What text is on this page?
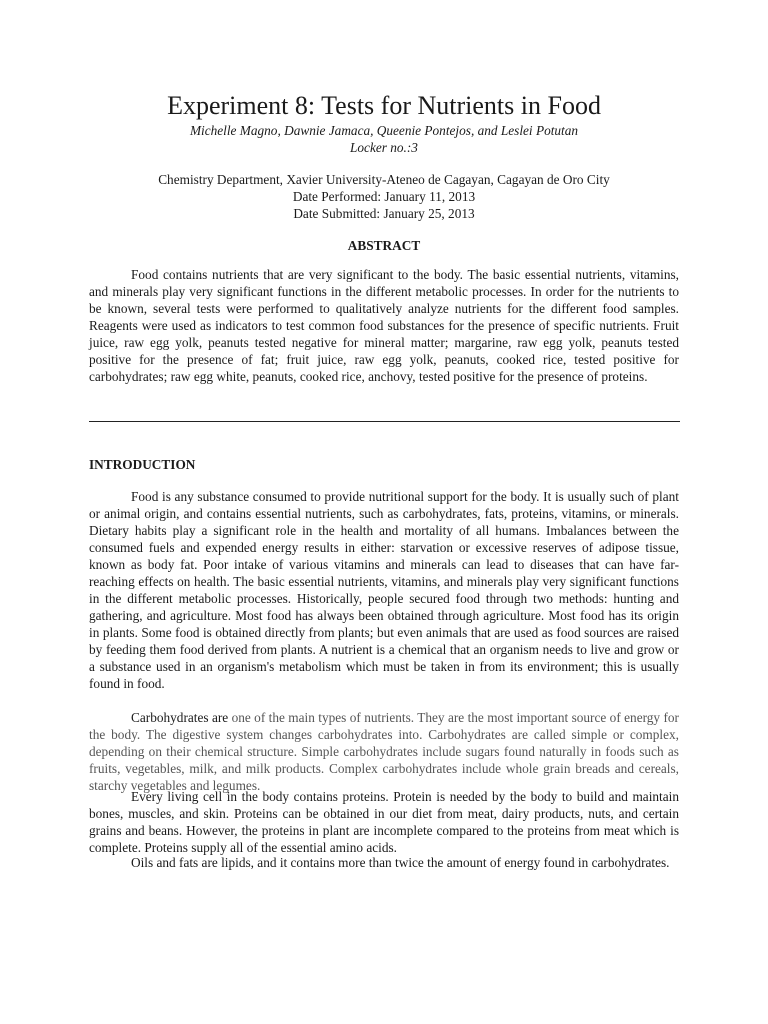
Experiment 8: Tests for Nutrients in Food

Michelle Magno, Dawnie Jamaca, Queenie Pontejos, and Leslei Potutan

Locker no.:3

Chemistry Department, Xavier University-Ateneo de Cagayan, Cagayan de Oro City

Date Performed: January 11, 2013

Date Submitted: January 25, 2013

ABSTRACT

Food contains nutrients that are very significant to the body. The basic essential nutrients, vitamins, and minerals play very significant functions in the different metabolic processes. In order for the nutrients to be known, several tests were performed to qualitatively analyze nutrients for the different food samples. Reagents were used as indicators to test common food substances for the presence of specific nutrients. Fruit juice, raw egg yolk, peanuts tested negative for mineral matter; margarine, raw egg yolk, peanuts tested positive for the presence of fat; fruit juice, raw egg yolk, peanuts, cooked rice, tested positive for carbohydrates; raw egg white, peanuts, cooked rice, anchovy, tested positive for the presence of proteins.

INTRODUCTION

Food is any substance consumed to provide nutritional support for the body. It is usually such of plant or animal origin, and contains essential nutrients, such as carbohydrates, fats, proteins, vitamins, or minerals. Dietary habits play a significant role in the health and mortality of all humans. Imbalances between the consumed fuels and expended energy results in either: starvation or excessive reserves of adipose tissue, known as body fat. Poor intake of various vitamins and minerals can lead to diseases that can have far-reaching effects on health. The basic essential nutrients, vitamins, and minerals play very significant functions in the different metabolic processes. Historically, people secured food through two methods: hunting and gathering, and agriculture. Most food has always been obtained through agriculture. Most food has its origin in plants. Some food is obtained directly from plants; but even animals that are used as food sources are raised by feeding them food derived from plants. A nutrient is a chemical that an organism needs to live and grow or a substance used in an organism's metabolism which must be taken in from its environment; this is usually found in food.

Carbohydrates are one of the main types of nutrients. They are the most important source of energy for the body. The digestive system changes carbohydrates into. Carbohydrates are called simple or complex, depending on their chemical structure. Simple carbohydrates include sugars found naturally in foods such as fruits, vegetables, milk, and milk products. Complex carbohydrates include whole grain breads and cereals, starchy vegetables and legumes.

Every living cell in the body contains proteins. Protein is needed by the body to build and maintain bones, muscles, and skin. Proteins can be obtained in our diet from meat, dairy products, nuts, and certain grains and beans. However, the proteins in plant are incomplete compared to the proteins from meat which is complete. Proteins supply all of the essential amino acids.

Oils and fats are lipids, and it contains more than twice the amount of energy found in carbohydrates.
